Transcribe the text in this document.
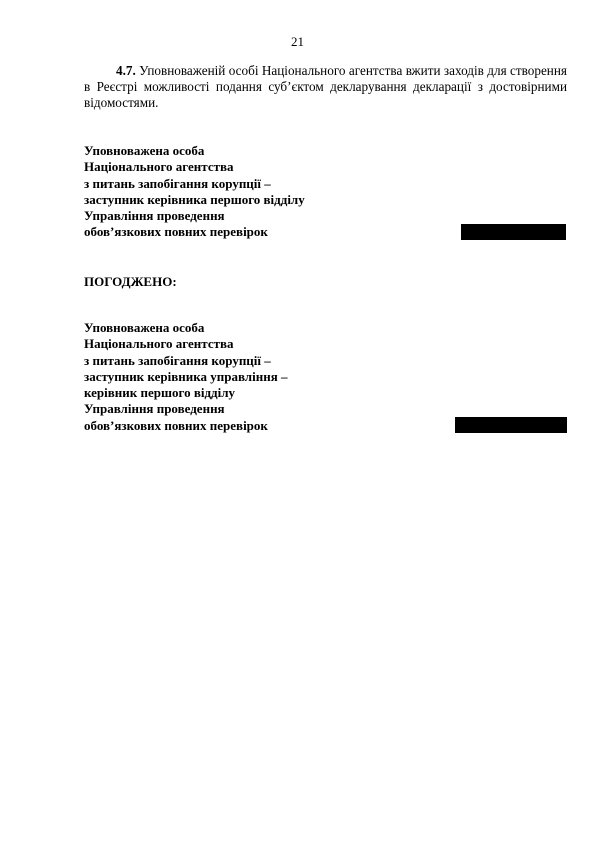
21
4.7. Уповноваженій особі Національного агентства вжити заходів для створення в Реєстрі можливості подання суб’єктом декларування декларації з достовірними відомостями.
Уповноважена особа
Національного агентства
з питань запобігання корупції –
заступник керівника першого відділу
Управління проведення
обов’язкових повних перевірок
ПОГОДЖЕНО:
Уповноважена особа
Національного агентства
з питань запобігання корупції –
заступник керівника управління –
керівник першого відділу
Управління проведення
обов’язкових повних перевірок
